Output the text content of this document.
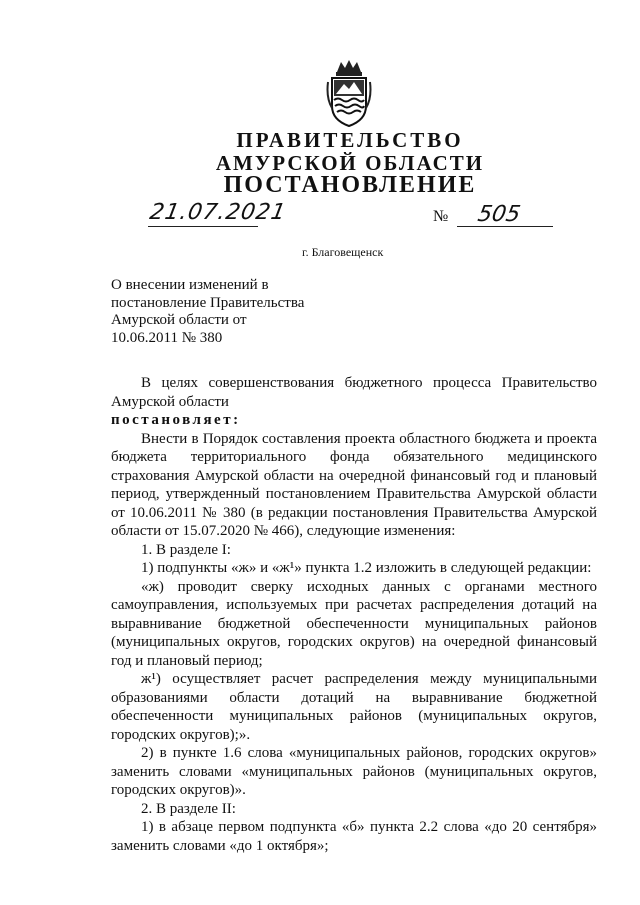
ПРАВИТЕЛЬСТВО
АМУРСКОЙ ОБЛАСТИ
ПОСТАНОВЛЕНИЕ
21.07.2021	№ 505
г. Благовещенск
О внесении изменений в
постановление Правительства
Амурской области от
10.06.2011 № 380

В целях совершенствования бюджетного процесса Правительство Амурской области

постановляет:

Внести в Порядок составления проекта областного бюджета и проекта бюджета территориального фонда обязательного медицинского страхования Амурской области на очередной финансовый год и плановый период, утвержденный постановлением Правительства Амурской области от 10.06.2011 № 380 (в редакции постановления Правительства Амурской области от 15.07.2020 № 466), следующие изменения:

1. В разделе I:

1) подпункты «ж» и «ж¹» пункта 1.2 изложить в следующей редакции:

«ж) проводит сверку исходных данных с органами местного самоуправления, используемых при расчетах распределения дотаций на выравнивание бюджетной обеспеченности муниципальных районов (муниципальных округов, городских округов) на очередной финансовый год и плановый период;

ж¹) осуществляет расчет распределения между муниципальными образованиями области дотаций на выравнивание бюджетной обеспеченности муниципальных районов (муниципальных округов, городских округов);».

2) в пункте 1.6 слова «муниципальных районов, городских округов» заменить словами «муниципальных районов (муниципальных округов, городских округов)».

2. В разделе II:

1) в абзаце первом подпункта «б» пункта 2.2 слова «до 20 сентября» заменить словами «до 1 октября»;
